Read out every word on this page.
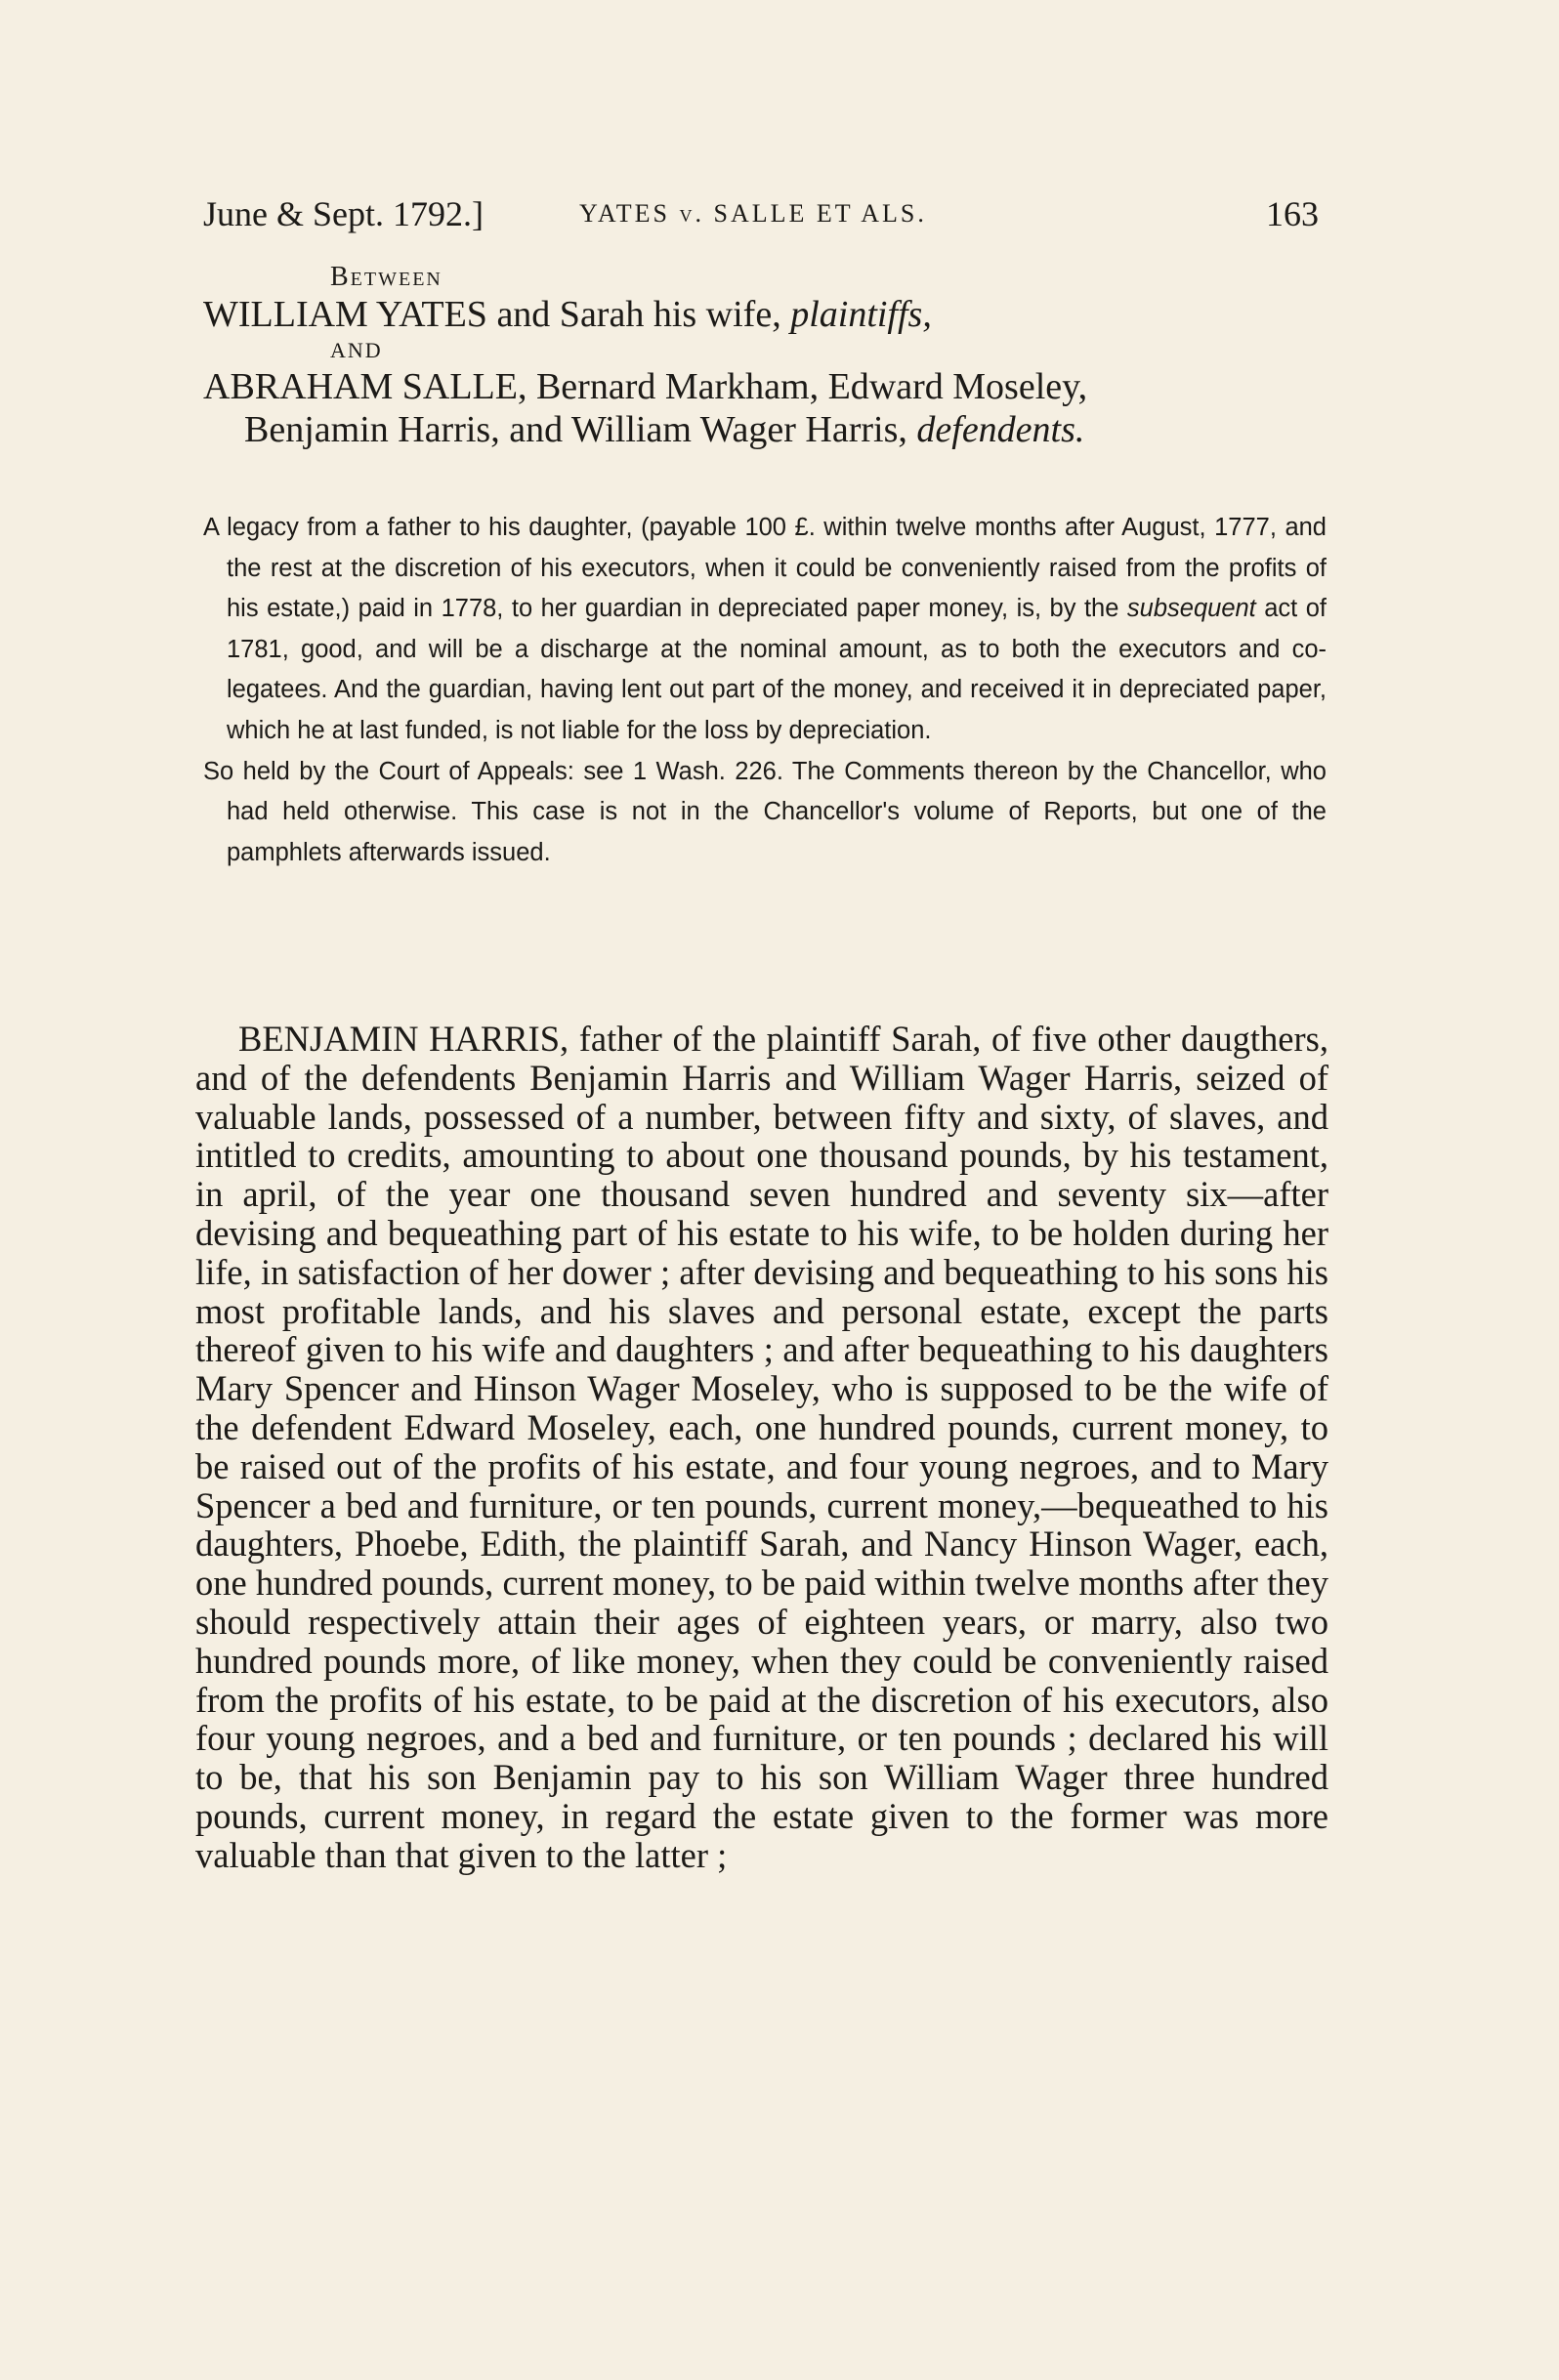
June & Sept. 1792.]	YATES v. SALLE ET ALS.	163
Between
WILLIAM YATES and Sarah his wife, plaintiffs,
AND
ABRAHAM SALLE, Bernard Markham, Edward Moseley,
Benjamin Harris, and William Wager Harris, defendents.

A legacy from a father to his daughter, (payable 100 £. within twelve months after August, 1777, and the rest at the discretion of his executors, when it could be conveniently raised from the profits of his estate,) paid in 1778, to her guardian in depreciated paper money, is, by the subsequent act of 1781, good, and will be a discharge at the nominal amount, as to both the executors and co-legatees. And the guardian, having lent out part of the money, and received it in depreciated paper, which he at last funded, is not liable for the loss by depreciation.

So held by the Court of Appeals: see 1 Wash. 226. The Comments thereon by the Chancellor, who had held otherwise. This case is not in the Chancellor's volume of Reports, but one of the pamphlets afterwards issued.

BENJAMIN HARRIS, father of the plaintiff Sarah, of five other daugthers, and of the defendents Benjamin Harris and William Wager Harris, seized of valuable lands, possessed of a number, between fifty and sixty, of slaves, and intitled to credits, amounting to about one thousand pounds, by his testament, in april, of the year one thousand seven hundred and seventy six—after devising and bequeathing part of his estate to his wife, to be holden during her life, in satisfaction of her dower ; after devising and bequeathing to his sons his most profitable lands, and his slaves and personal estate, except the parts thereof given to his wife and daughters ; and after bequeathing to his daughters Mary Spencer and Hinson Wager Moseley, who is supposed to be the wife of the defendent Edward Moseley, each, one hundred pounds, current money, to be raised out of the profits of his estate, and four young negroes, and to Mary Spencer a bed and furniture, or ten pounds, current money,—bequeathed to his daughters, Phoebe, Edith, the plaintiff Sarah, and Nancy Hinson Wager, each, one hundred pounds, current money, to be paid within twelve months after they should respectively attain their ages of eighteen years, or marry, also two hundred pounds more, of like money, when they could be conveniently raised from the profits of his estate, to be paid at the discretion of his executors, also four young negroes, and a bed and furniture, or ten pounds ; declared his will to be, that his son Benjamin pay to his son William Wager three hundred pounds, current money, in regard the estate given to the former was more valuable than that given to the latter ;
